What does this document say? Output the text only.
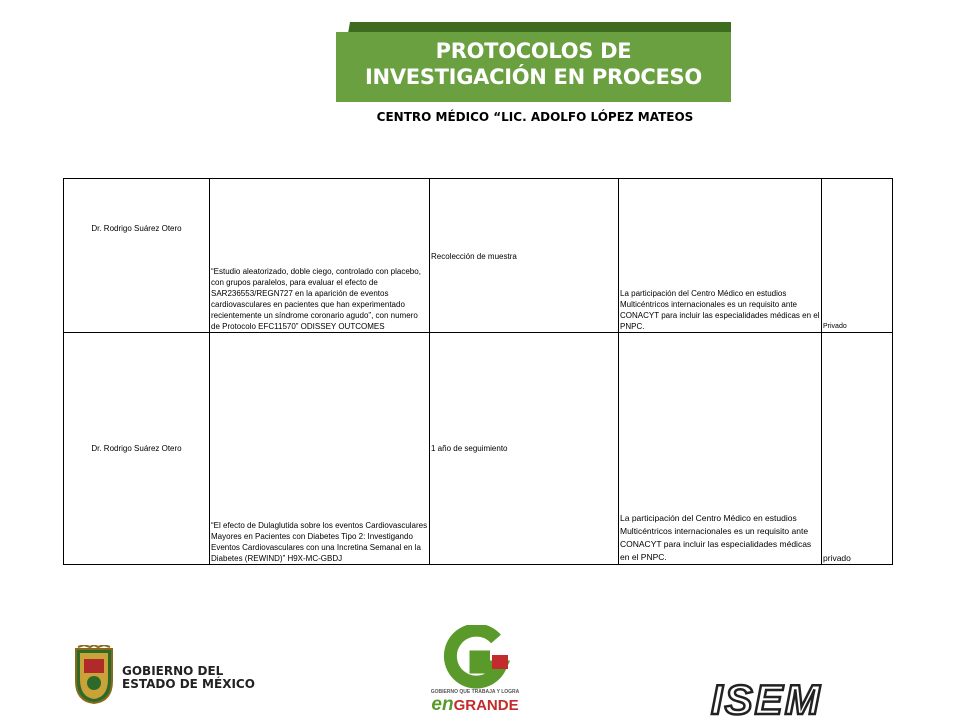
PROTOCOLOS DE
INVESTIGACIÓN EN PROCESO
CENTRO MÉDICO “LIC. ADOLFO LÓPEZ MATEOS
Dr. Rodrigo Suárez Otero	“Estudio aleatorizado, doble ciego, controlado con placebo, con grupos paralelos, para evaluar el efecto de SAR236553/REGN727 en la aparición de eventos cardiovasculares en pacientes que han experimentado recientemente un síndrome coronario agudo”, con numero de Protocolo EFC11570” ODISSEY OUTCOMES	Recolección de muestra	La participación del Centro Médico en estudios Multicéntricos internacionales es un requisito ante CONACYT para incluir las especialidades médicas en el PNPC.	Privado

Dr. Rodrigo Suárez Otero	“El efecto de Dulaglutida sobre los eventos Cardiovasculares Mayores en Pacientes con Diabetes Tipo 2: Investigando Eventos Cardiovasculares con una Incretina Semanal en la Diabetes (REWIND)” H9X-MC-GBDJ	1 año de seguimiento	La participación del Centro Médico en estudios Multicéntricos internacionales es un requisito ante CONACYT para incluir las especialidades médicas en el PNPC.	privado
GOBIERNO DEL
ESTADO DE MÉXICO
GOBIERNO QUE TRABAJA Y LOGRA
enGRANDE	ISEM
